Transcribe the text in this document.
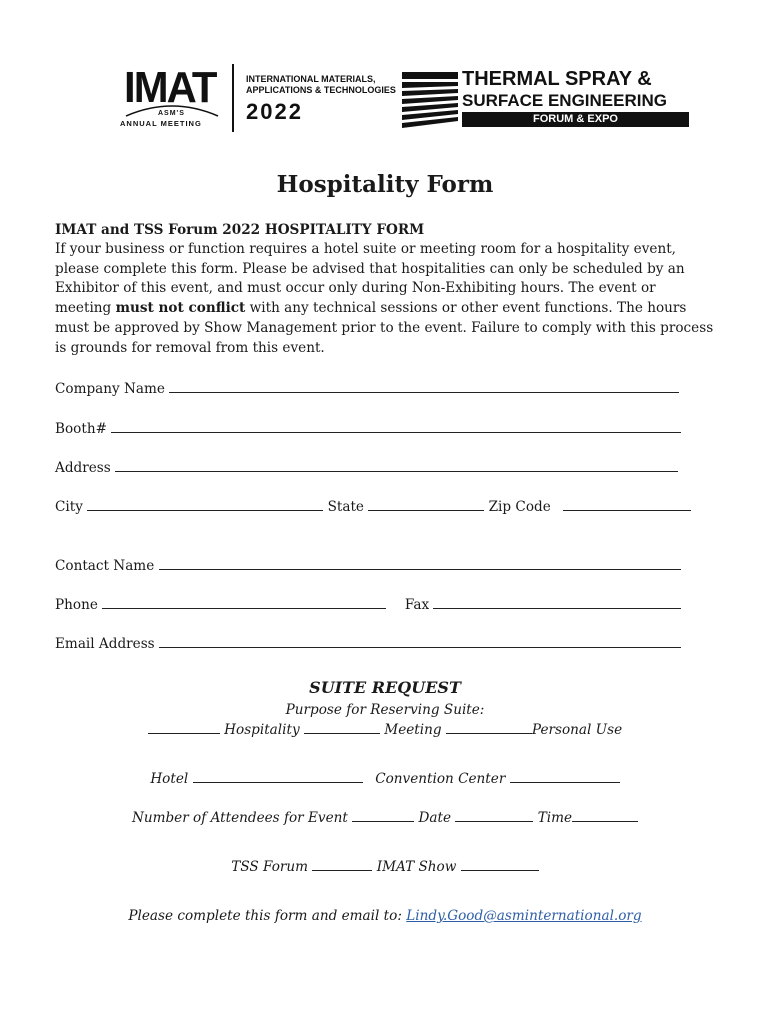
IMAT
ASM'S
ANNUAL MEETING
INTERNATIONAL MATERIALS,
APPLICATIONS & TECHNOLOGIES
2022
THERMAL SPRAY &
SURFACE ENGINEERING
FORUM & EXPO
Hospitality Form
IMAT and TSS Forum 2022 HOSPITALITY FORM
If your business or function requires a hotel suite or meeting room for a hospitality event,
please complete this form. Please be advised that hospitalities can only be scheduled by an
Exhibitor of this event, and must occur only during Non-Exhibiting hours. The event or
meeting must not conflict with any technical sessions or other event functions. The hours
must be approved by Show Management prior to the event. Failure to comply with this process
is grounds for removal from this event.
Company Name
Booth#
Address
City	State	Zip Code
Contact Name
Phone	Fax
Email Address
SUITE REQUEST
Purpose for Reserving Suite:
Hospitality	Meeting	Personal Use
Hotel	Convention Center
Number of Attendees for Event	Date	Time
TSS Forum	IMAT Show
Please complete this form and email to: Lindy.Good@asminternational.org
